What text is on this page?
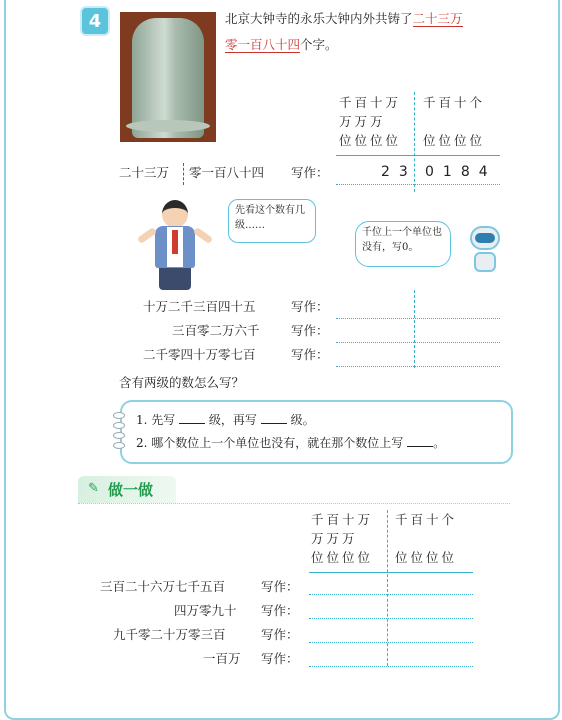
4	北京大钟寺的永乐大钟内外共铸了二十三万
零一百八十四个字。
千百十万
万万万
位位位位
千百十个
位位位位
二十三万 零一百八十四 写作：	23 0184
先看这个数有几级……
千位上一个单位也没有，写0。
十万二千三百四十五	写作：
三百零二万六千	写作：
二千零四十万零七百	写作：
含有两级的数怎么写？
1. 先写	级，再写	级。
2. 哪个数位上一个单位也没有，就在那个数位上写 。
✎ 做一做
千百十万
万万万
位位位位
千百十个
位位位位
三百二十六万七千五百	写作：
四万零九十 写作：
九千零二十万零三百	写作：
一百万 写作：
